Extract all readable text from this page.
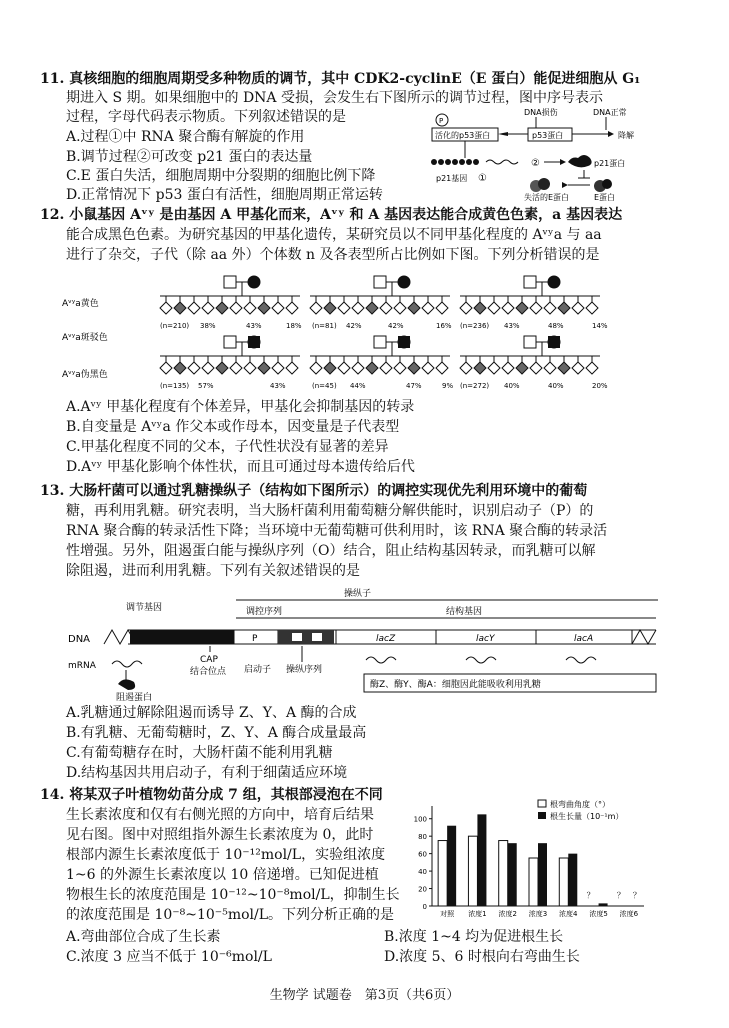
11. 真核细胞的细胞周期受多种物质的调节，其中 CDK2-cyclinE（E 蛋白）能促进细胞从 G₁
期进入 S 期。如果细胞中的 DNA 受损，会发生右下图所示的调节过程，图中序号表示
过程，字母代码表示物质。下列叙述错误的是
A.过程①中 RNA 聚合酶有解旋的作用
B.调节过程②可改变 p21 蛋白的表达量
C.E 蛋白失活，细胞周期中分裂期的细胞比例下降
D.正常情况下 p53 蛋白有活性，细胞周期正常运转
DNA损伤	DNA正常
P
活化的p53蛋白	p53蛋白	降解
②	p21蛋白
p21基因 ①
失活的E蛋白	E蛋白
12. 小鼠基因 Aᵛʸ 是由基因 A 甲基化而来，Aᵛʸ 和 A 基因表达能合成黄色色素，a 基因表达
能合成黑色色素。为研究基因的甲基化遗传，某研究员以不同甲基化程度的 Aᵛʸa 与 aa
进行了杂交，子代（除 aa 外）个体数 n 及各表型所占比例如下图。下列分析错误的是
Aᵛʸa黄色
Aᵛʸa斑驳色
Aᵛʸa伪黑色
(n=210) 38%	43%	18% (n=81) 42%	42%	16% (n=236) 43%	48%	14%
(n=135) 57%	43%	(n=45) 44%	47%	9% (n=272) 40%	40%	20%
A.Aᵛʸ 甲基化程度有个体差异，甲基化会抑制基因的转录
B.自变量是 Aᵛʸa 作父本或作母本，因变量是子代表型
C.甲基化程度不同的父本，子代性状没有显著的差异
D.Aᵛʸ 甲基化影响个体性状，而且可通过母本遗传给后代
13. 大肠杆菌可以通过乳糖操纵子（结构如下图所示）的调控实现优先利用环境中的葡萄
糖，再利用乳糖。研究表明，当大肠杆菌利用葡萄糖分解供能时，识别启动子（P）的
RNA 聚合酶的转录活性下降；当环境中无葡萄糖可供利用时，该 RNA 聚合酶的转录活
性增强。另外，阻遏蛋白能与操纵序列（O）结合，阻止结构基因转录，而乳糖可以解
除阻遏，进而利用乳糖。下列有关叙述错误的是
操纵子
调节基因	调控序列	结构基因
DNA	P	lacZ	lacY	lacA
mRNA
阻遏蛋白
CAP
结合位点 启动子 操纵序列
酶Z、酶Y、酶A：细胞因此能吸收利用乳糖
A.乳糖通过解除阻遏而诱导 Z、Y、A 酶的合成
B.有乳糖、无葡萄糖时，Z、Y、A 酶合成量最高
C.有葡萄糖存在时，大肠杆菌不能利用乳糖
D.结构基因共用启动子，有利于细菌适应环境
14. 将某双子叶植物幼苗分成 7 组，其根部浸泡在不同
生长素浓度和仅有右侧光照的方向中，培育后结果
见右图。图中对照组指外源生长素浓度为 0，此时
根部内源生长素浓度低于 10⁻¹²mol/L，实验组浓度
1~6 的外源生长素浓度以 10 倍递增。已知促进植
物根生长的浓度范围是 10⁻¹²~10⁻⁸mol/L，抑制生长
的浓度范围是 10⁻⁸~10⁻⁵mol/L。下列分析正确的是	0
20
40
60
80
100
对照 浓度1 浓度2 浓度3 浓度4 浓度5 浓度6
？	？ ？
根弯曲角度（°）
根生长量（10⁻¹m）
A.弯曲部位合成了生长素	B.浓度 1~4 均为促进根生长
C.浓度 3 应当不低于 10⁻⁶mol/L	D.浓度 5、6 时根向右弯曲生长
生物学 试题卷　第3页（共6页）
